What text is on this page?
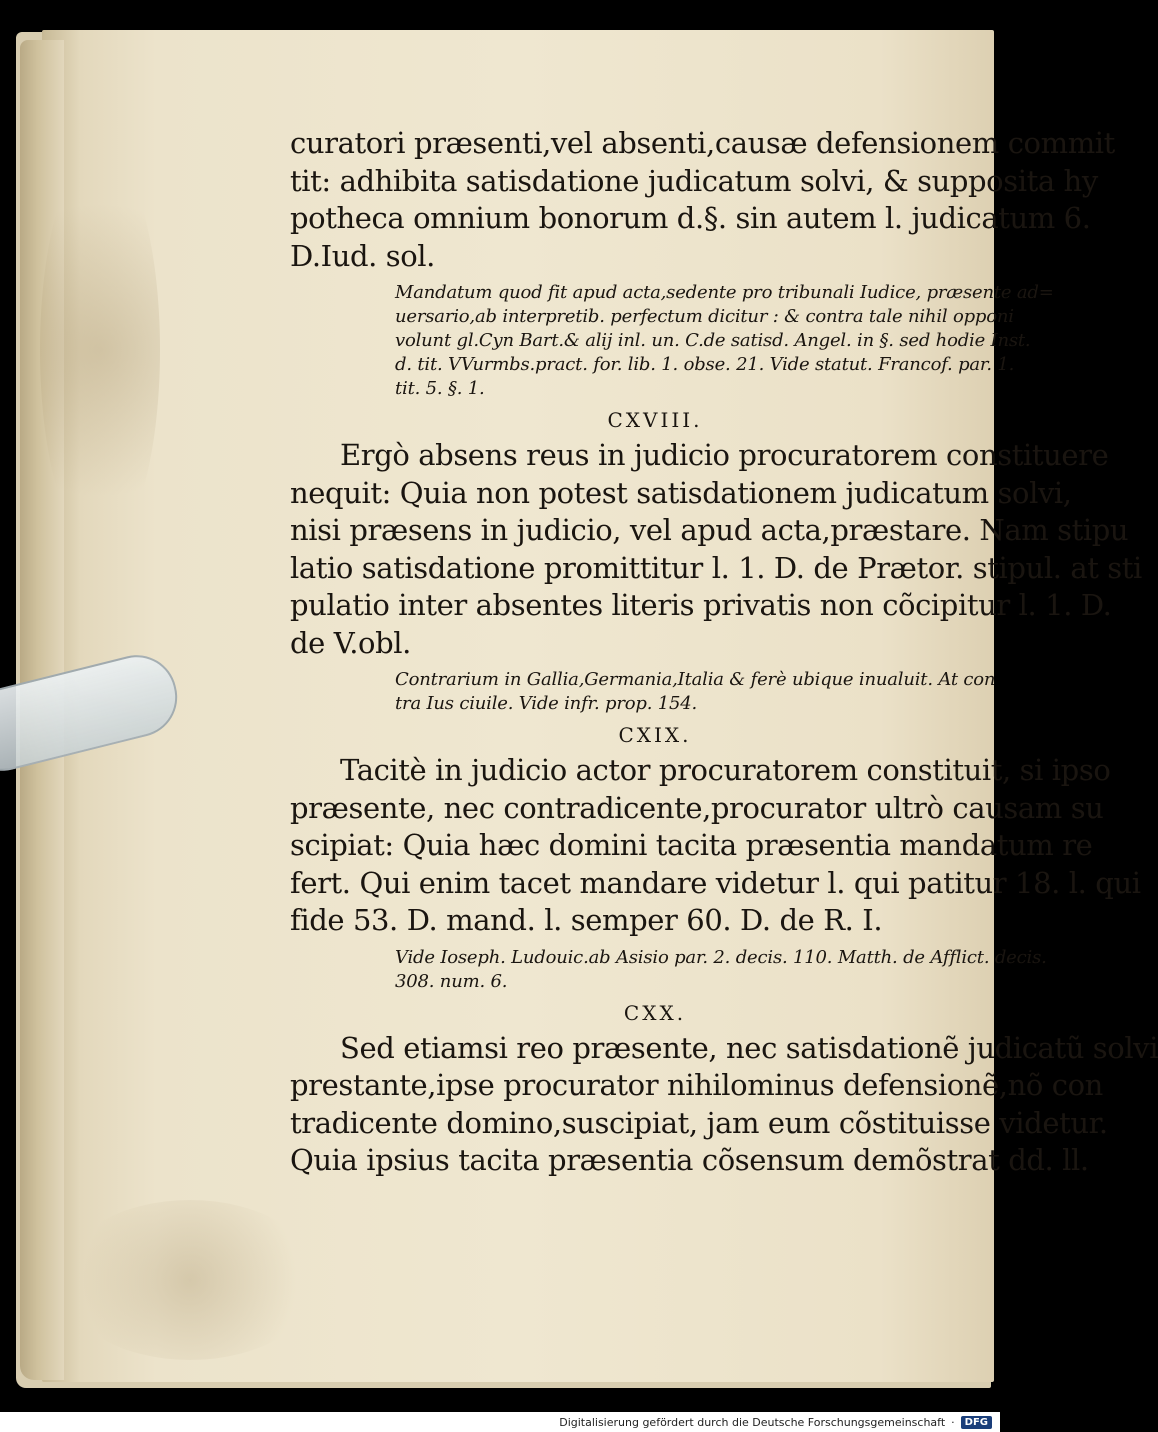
curatori præsenti,vel absenti,causæ defensionem commit

tit: adhibita satisdatione judicatum solvi, & supposita hy

potheca omnium bonorum d.§. sin autem l. judicatum 6.

D.Iud. sol.

Mandatum quod fit apud acta,sedente pro tribunali Iudice, præsente ad=
uersario,ab interpretib. perfectum dicitur : & contra tale nihil opponi
volunt gl.Cyn Bart.& alij inl. un. C.de satisd. Angel. in §. sed hodie Inst.
d. tit. VVurmbs.pract. for. lib. 1. obse. 21. Vide statut. Francof. par. 1.
tit. 5. §. 1.
CXVIII.

Ergò absens reus in judicio procuratorem constituere

nequit: Quia non potest satisdationem judicatum solvi,

nisi præsens in judicio, vel apud acta,præstare. Nam stipu

latio satisdatione promittitur l. 1. D. de Prætor. stipul. at sti

pulatio inter absentes literis privatis non cõcipitur l. 1. D.

de V.obl.

Contrarium in Gallia,Germania,Italia & ferè ubique inualuit. At con
tra Ius ciuile. Vide infr. prop. 154.
CXIX.

Tacitè in judicio actor procuratorem constituit, si ipso

præsente, nec contradicente,procurator ultrò causam su

scipiat: Quia hæc domini tacita præsentia mandatum re

fert. Qui enim tacet mandare videtur l. qui patitur 18. l. qui

fide 53. D. mand. l. semper 60. D. de R. I.

Vide Ioseph. Ludouic.ab Asisio par. 2. decis. 110. Matth. de Afflict. decis.
308. num. 6.
CXX.

Sed etiamsi reo præsente, nec satisdationẽ judicatũ solvi

prestante,ipse procurator nihilominus defensionẽ,nõ con

tradicente domino,suscipiat, jam eum cõstituisse videtur.

Quia ipsius tacita præsentia cõsensum demõstrat dd. ll.

Digitalisierung gefördert durch die Deutsche Forschungsgemeinschaft ·	DFG
